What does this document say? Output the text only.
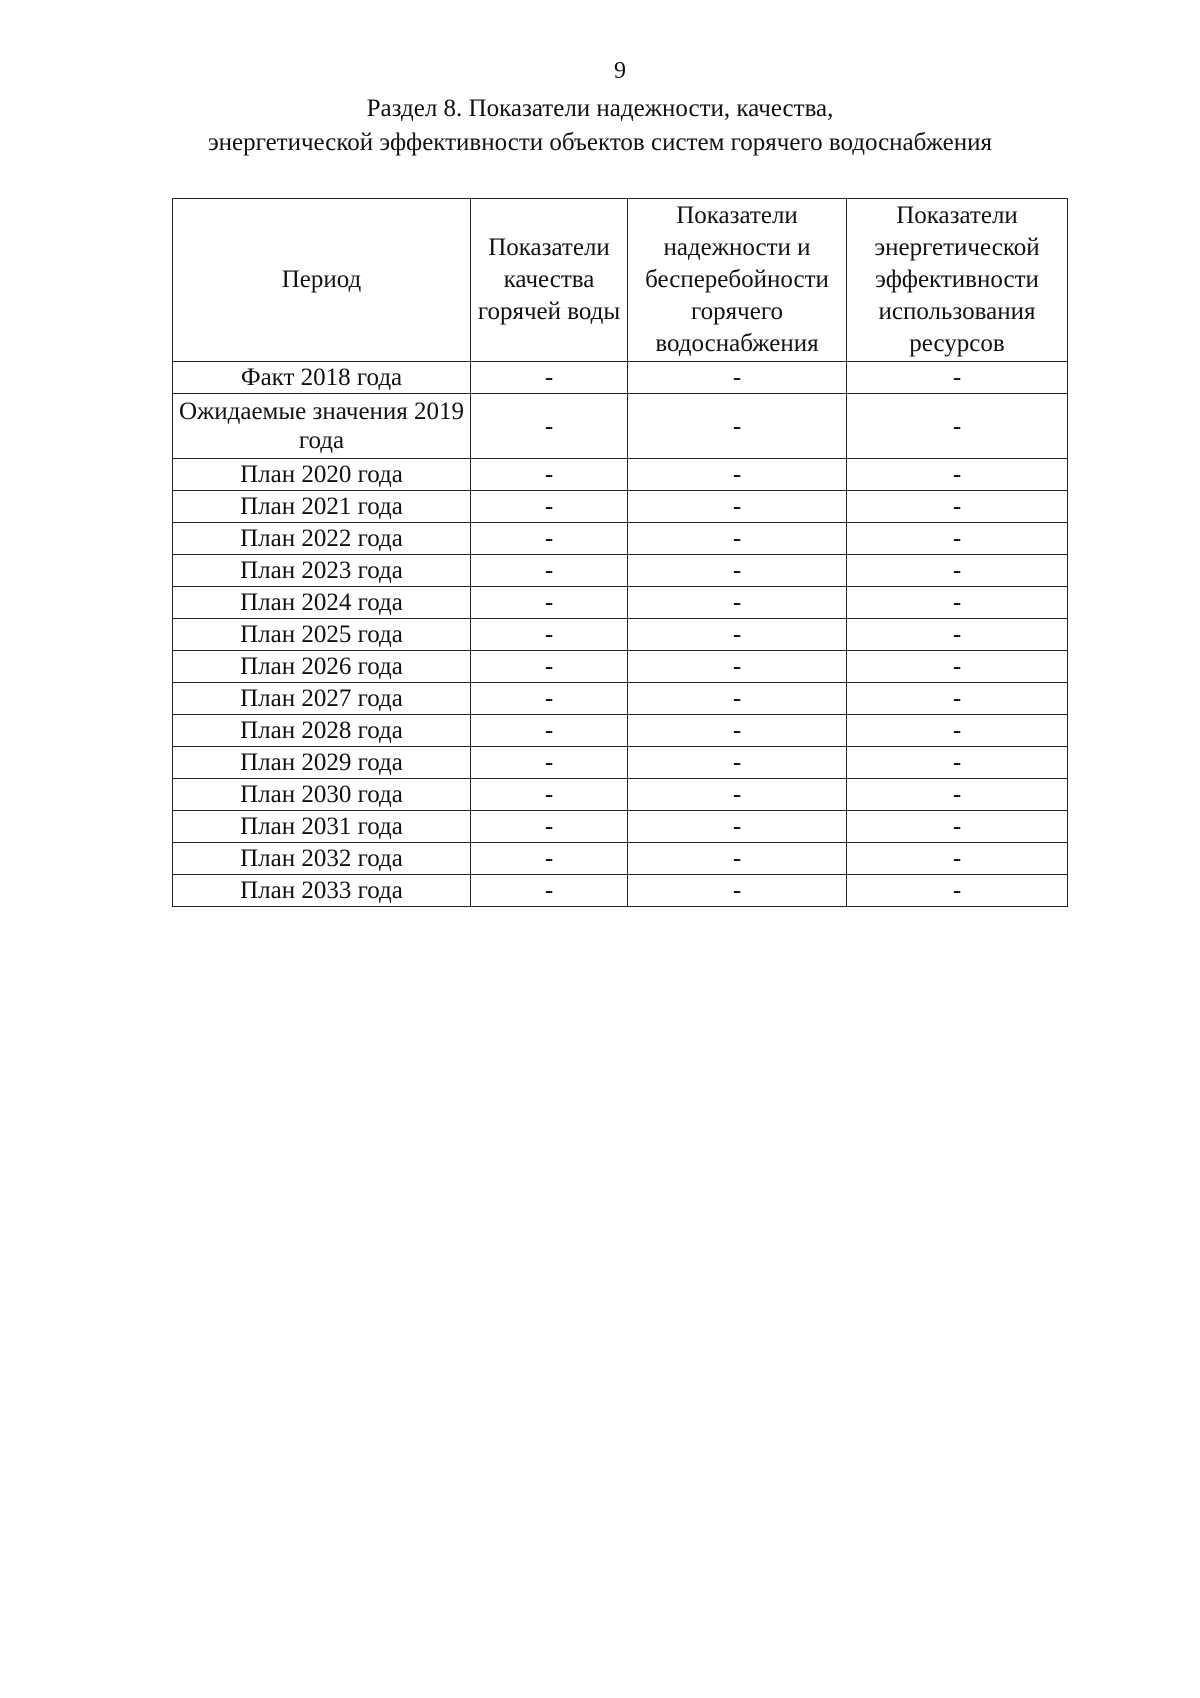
9
Раздел 8. Показатели надежности, качества,
энергетической эффективности объектов систем горячего водоснабжения
Период	Показатели качества горячей воды	Показатели надежности и бесперебойности горячего водоснабжения	Показатели энергетической эффективности использования ресурсов
Факт 2018 года	-	-	-
Ожидаемые значения 2019 года	-	-	-
План 2020 года	-	-	-
План 2021 года	-	-	-
План 2022 года	-	-	-
План 2023 года	-	-	-
План 2024 года	-	-	-
План 2025 года	-	-	-
План 2026 года	-	-	-
План 2027 года	-	-	-
План 2028 года	-	-	-
План 2029 года	-	-	-
План 2030 года	-	-	-
План 2031 года	-	-	-
План 2032 года	-	-	-
План 2033 года	-	-	-
